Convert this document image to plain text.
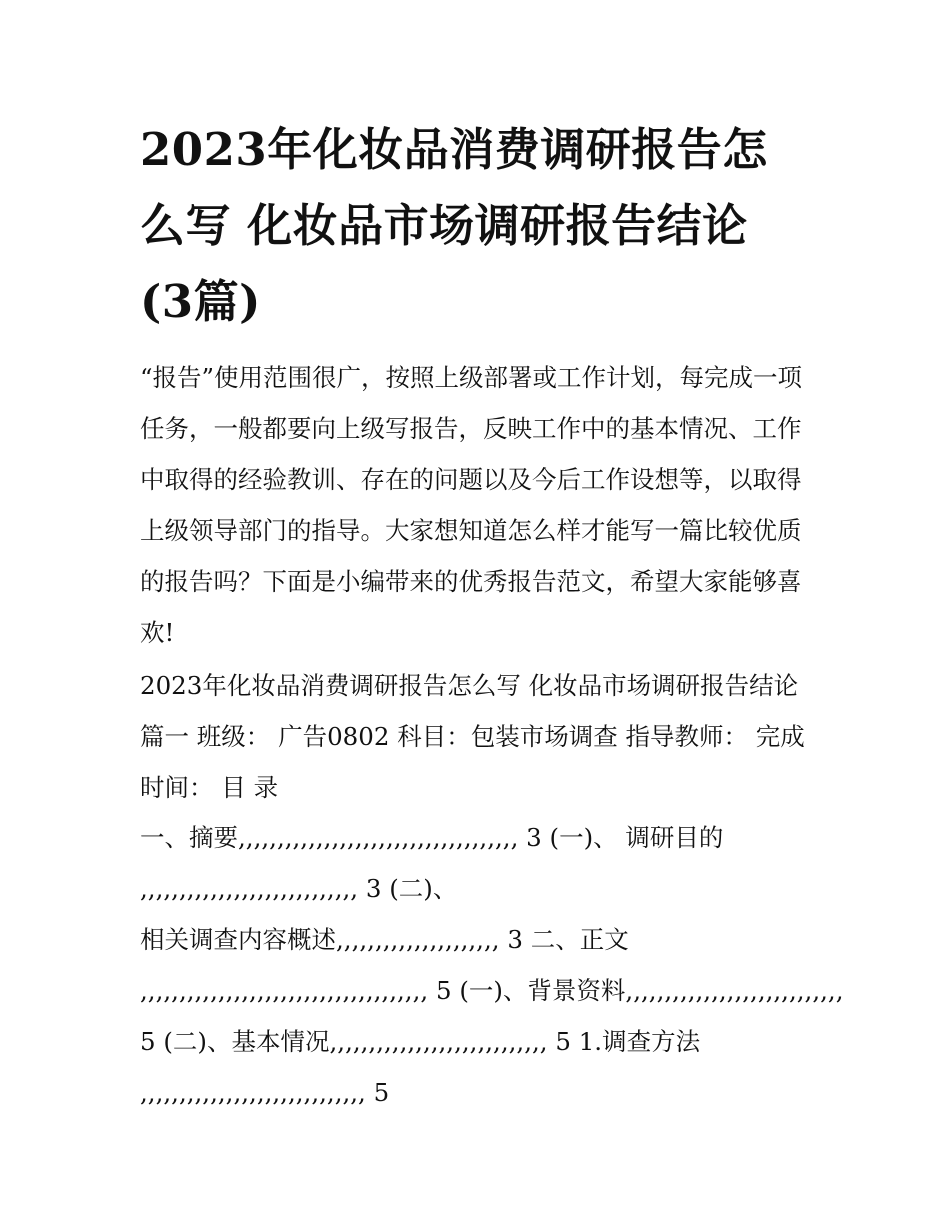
2023年化妆品消费调研报告怎
么写 化妆品市场调研报告结论
(3篇)
“报告”使用范围很广，按照上级部署或工作计划，每完成一项
任务，一般都要向上级写报告，反映工作中的基本情况、工作
中取得的经验教训、存在的问题以及今后工作设想等，以取得
上级领导部门的指导。大家想知道怎么样才能写一篇比较优质
的报告吗？下面是小编带来的优秀报告范文，希望大家能够喜
欢!
2023年化妆品消费调研报告怎么写 化妆品市场调研报告结论
篇一 班级： 广告0802 科目：包装市场调查 指导教师： 完成
时间： 目 录
一、摘要,,,,,,,,,,,,,,,,,,,,,,,,,,,,,,,,,,,, 3 (一)、 调研目的
,,,,,,,,,,,,,,,,,,,,,,,,,,,, 3 (二)、
相关调查内容概述,,,,,,,,,,,,,,,,,,,,, 3 二、正文
,,,,,,,,,,,,,,,,,,,,,,,,,,,,,,,,,,,,, 5 (一)、背景资料,,,,,,,,,,,,,,,,,,,,,,,,,,,,
5 (二)、基本情况,,,,,,,,,,,,,,,,,,,,,,,,,,,, 5 1.调查方法
,,,,,,,,,,,,,,,,,,,,,,,,,,,,, 5
